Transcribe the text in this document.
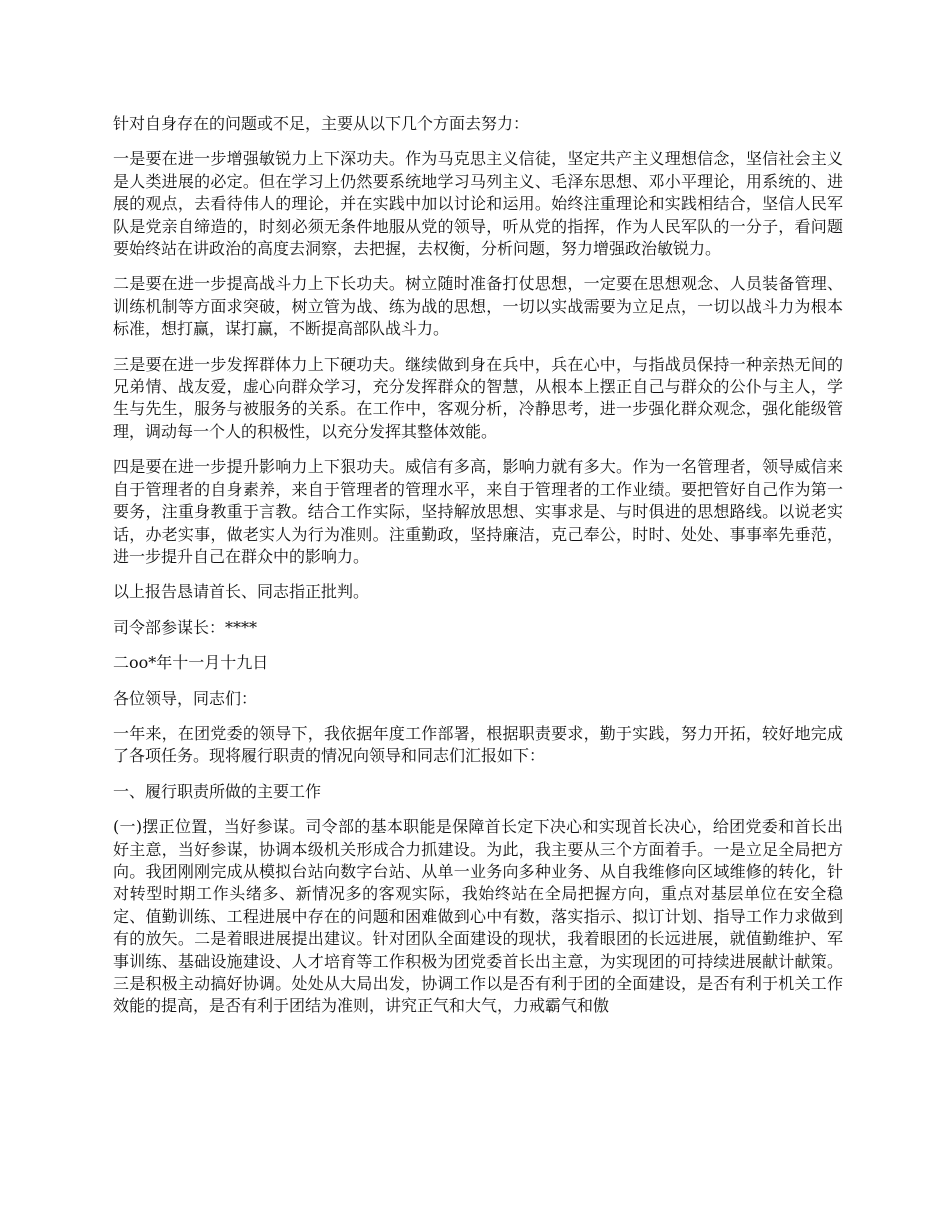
针对自身存在的问题或不足，主要从以下几个方面去努力：

一是要在进一步增强敏锐力上下深功夫。作为马克思主义信徒，坚定共产主义理想信念，坚信社会主义是人类进展的必定。但在学习上仍然要系统地学习马列主义、毛泽东思想、邓小平理论，用系统的、进展的观点，去看待伟人的理论，并在实践中加以讨论和运用。始终注重理论和实践相结合，坚信人民军队是党亲自缔造的，时刻必须无条件地服从党的领导，听从党的指挥，作为人民军队的一分子，看问题要始终站在讲政治的高度去洞察，去把握，去权衡，分析问题，努力增强政治敏锐力。

二是要在进一步提高战斗力上下长功夫。树立随时准备打仗思想，一定要在思想观念、人员装备管理、训练机制等方面求突破，树立管为战、练为战的思想，一切以实战需要为立足点，一切以战斗力为根本标准，想打赢，谋打赢，不断提高部队战斗力。

三是要在进一步发挥群体力上下硬功夫。继续做到身在兵中，兵在心中，与指战员保持一种亲热无间的兄弟情、战友爱，虚心向群众学习，充分发挥群众的智慧，从根本上摆正自己与群众的公仆与主人，学生与先生，服务与被服务的关系。在工作中，客观分析，冷静思考，进一步强化群众观念，强化能级管理，调动每一个人的积极性，以充分发挥其整体效能。

四是要在进一步提升影响力上下狠功夫。威信有多高，影响力就有多大。作为一名管理者，领导威信来自于管理者的自身素养，来自于管理者的管理水平，来自于管理者的工作业绩。要把管好自己作为第一要务，注重身教重于言教。结合工作实际，坚持解放思想、实事求是、与时俱进的思想路线。以说老实话，办老实事，做老实人为行为准则。注重勤政，坚持廉洁，克己奉公，时时、处处、事事率先垂范，进一步提升自己在群众中的影响力。

以上报告恳请首长、同志指正批判。

司令部参谋长：****

二oo*年十一月十九日

各位领导，同志们：

一年来，在团党委的领导下，我依据年度工作部署，根据职责要求，勤于实践，努力开拓，较好地完成了各项任务。现将履行职责的情况向领导和同志们汇报如下：

一、履行职责所做的主要工作

(一)摆正位置，当好参谋。司令部的基本职能是保障首长定下决心和实现首长决心，给团党委和首长出好主意，当好参谋，协调本级机关形成合力抓建设。为此，我主要从三个方面着手。一是立足全局把方向。我团刚刚完成从模拟台站向数字台站、从单一业务向多种业务、从自我维修向区域维修的转化，针对转型时期工作头绪多、新情况多的客观实际，我始终站在全局把握方向，重点对基层单位在安全稳定、值勤训练、工程进展中存在的问题和困难做到心中有数，落实指示、拟订计划、指导工作力求做到有的放矢。二是着眼进展提出建议。针对团队全面建设的现状，我着眼团的长远进展，就值勤维护、军事训练、基础设施建设、人才培育等工作积极为团党委首长出主意，为实现团的可持续进展献计献策。三是积极主动搞好协调。处处从大局出发，协调工作以是否有利于团的全面建设，是否有利于机关工作效能的提高，是否有利于团结为准则，讲究正气和大气，力戒霸气和傲
